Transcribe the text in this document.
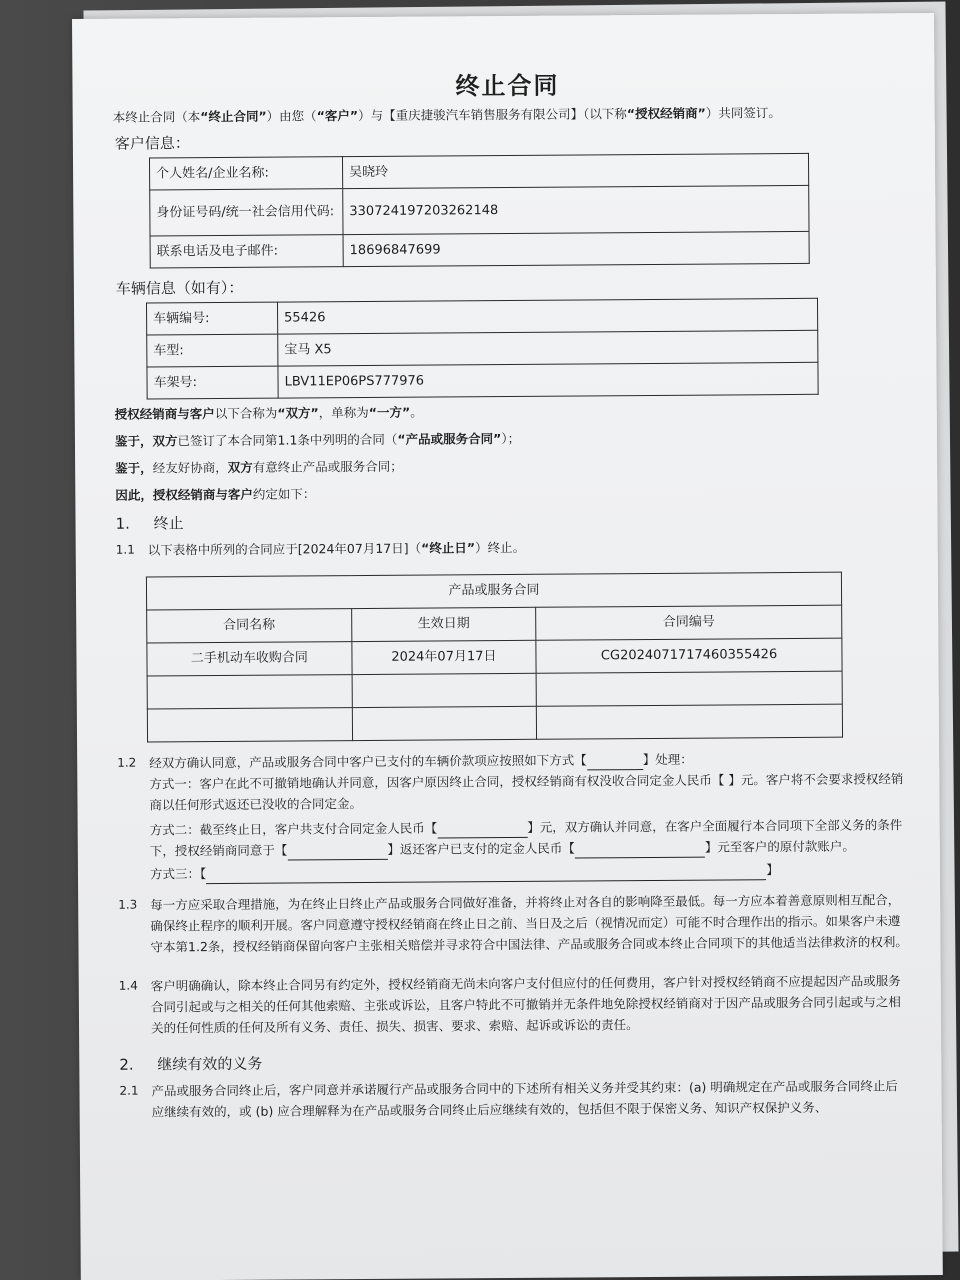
终止合同

本终止合同（本“终止合同”）由您（“客户”）与【重庆捷骏汽车销售服务有限公司】（以下称“授权经销商”）共同签订。

客户信息：
个人姓名/企业名称:	吴晓玲
身份证号码/统一社会信用代码:	330724197203262148
联系电话及电子邮件:	18696847699
车辆信息（如有）：
车辆编号:	55426
车型:	宝马 X5
车架号:	LBV11EP06PS777976

授权经销商与客户以下合称为“双方”，单称为“一方”。

鉴于，双方已签订了本合同第1.1条中列明的合同（“产品或服务合同”）；

鉴于，经友好协商，双方有意终止产品或服务合同；

因此，授权经销商与客户约定如下：

1. 终止
1.1	以下表格中所列的合同应于[2024年07月17日]（“终止日”）终止。
产品或服务合同		
合同名称	生效日期	合同编号
二手机动车收购合同	2024年07月17日	CG2024071717460355426

1.2	经双方确认同意，产品或服务合同中客户已支付的车辆价款项应按照如下方式【	】处理：
方式一：客户在此不可撤销地确认并同意，因客户原因终止合同，授权经销商有权没收合同定金人民币【 】元。客户将不会要求授权经销商以任何形式返还已没收的合同定金。
方式二：截至终止日，客户共支付合同定金人民币【	】元，双方确认并同意，在客户全面履行本合同项下全部义务的条件下，授权经销商同意于【	】返还客户已支付的定金人民币【	】元至客户的原付款账户。
方式三：【	】
1.3	每一方应采取合理措施，为在终止日终止产品或服务合同做好准备，并将终止对各自的影响降至最低。每一方应本着善意原则相互配合，确保终止程序的顺利开展。客户同意遵守授权经销商在终止日之前、当日及之后（视情况而定）可能不时合理作出的指示。如果客户未遵守本第1.2条，授权经销商保留向客户主张相关赔偿并寻求符合中国法律、产品或服务合同或本终止合同项下的其他适当法律救济的权利。
1.4	客户明确确认，除本终止合同另有约定外，授权经销商无尚未向客户支付但应付的任何费用，客户针对授权经销商不应提起因产品或服务合同引起或与之相关的任何其他索赔、主张或诉讼，且客户特此不可撤销并无条件地免除授权经销商对于因产品或服务合同引起或与之相关的任何性质的任何及所有义务、责任、损失、损害、要求、索赔、起诉或诉讼的责任。
2. 继续有效的义务
2.1	产品或服务合同终止后，客户同意并承诺履行产品或服务合同中的下述所有相关义务并受其约束：(a) 明确规定在产品或服务合同终止后应继续有效的，或 (b) 应合理解释为在产品或服务合同终止后应继续有效的，包括但不限于保密义务、知识产权保护义务、
